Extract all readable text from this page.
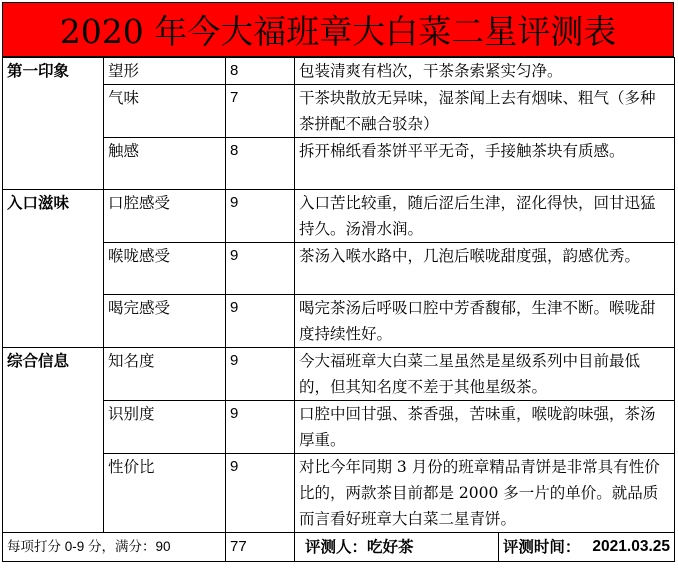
2020 年今大福班章大白菜二星评测表
第一印象	望形	8	包装清爽有档次，干茶条索紧实匀净。
	气味	7	干茶块散放无异味，湿茶闻上去有烟味、粗气（多种茶拼配不融合驳杂）
	触感	8	拆开棉纸看茶饼平平无奇，手接触茶块有质感。
入口滋味	口腔感受	9	入口苦比较重，随后涩后生津，涩化得快，回甘迅猛持久。汤滑水润。
	喉咙感受	9	茶汤入喉水路中，几泡后喉咙甜度强，韵感优秀。
	喝完感受	9	喝完茶汤后呼吸口腔中芳香馥郁，生津不断。喉咙甜度持续性好。
综合信息	知名度	9	今大福班章大白菜二星虽然是星级系列中目前最低的，但其知名度不差于其他星级茶。
	识别度	9	口腔中回甘强、茶香强，苦味重，喉咙韵味强，茶汤厚重。
	性价比	9	对比今年同期 3 月份的班章精品青饼是非常具有性价比的，两款茶目前都是 2000 多一片的单价。就品质而言看好班章大白菜二星青饼。
每项打分 0-9 分，满分：90		77	评测人：吃好茶 评测时间： 2021.03.25
